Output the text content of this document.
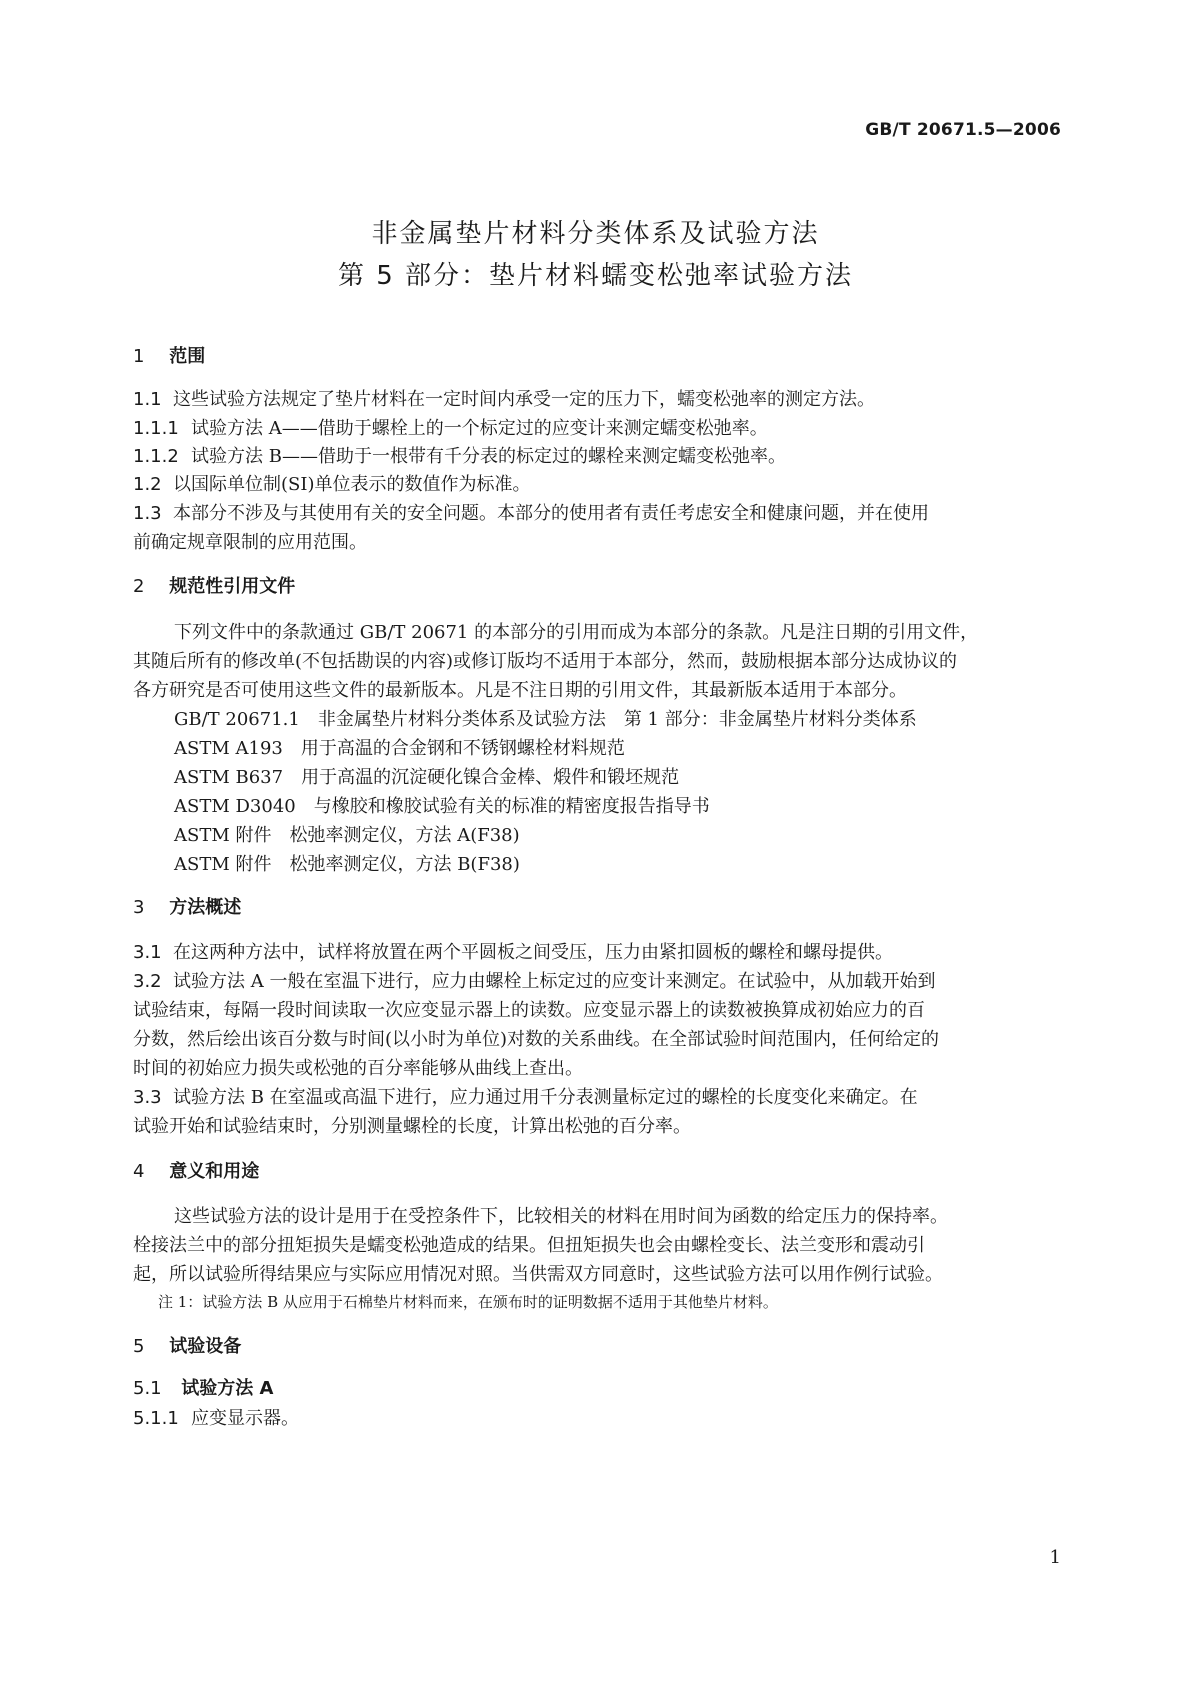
GB/T 20671.5—2006
非金属垫片材料分类体系及试验方法
第 5 部分：垫片材料蠕变松弛率试验方法
1 范围
1.1 这些试验方法规定了垫片材料在一定时间内承受一定的压力下，蠕变松弛率的测定方法。
1.1.1 试验方法 A——借助于螺栓上的一个标定过的应变计来测定蠕变松弛率。
1.1.2 试验方法 B——借助于一根带有千分表的标定过的螺栓来测定蠕变松弛率。
1.2 以国际单位制(SI)单位表示的数值作为标准。
1.3 本部分不涉及与其使用有关的安全问题。本部分的使用者有责任考虑安全和健康问题，并在使用
前确定规章限制的应用范围。
2 规范性引用文件
下列文件中的条款通过 GB/T 20671 的本部分的引用而成为本部分的条款。凡是注日期的引用文件，
其随后所有的修改单(不包括勘误的内容)或修订版均不适用于本部分，然而，鼓励根据本部分达成协议的
各方研究是否可使用这些文件的最新版本。凡是不注日期的引用文件，其最新版本适用于本部分。
GB/T 20671.1　非金属垫片材料分类体系及试验方法　第 1 部分：非金属垫片材料分类体系
ASTM A193　用于高温的合金钢和不锈钢螺栓材料规范
ASTM B637　用于高温的沉淀硬化镍合金棒、煅件和锻坯规范
ASTM D3040　与橡胶和橡胶试验有关的标准的精密度报告指导书
ASTM 附件　松弛率测定仪，方法 A(F38)
ASTM 附件　松弛率测定仪，方法 B(F38)
3 方法概述
3.1 在这两种方法中，试样将放置在两个平圆板之间受压，压力由紧扣圆板的螺栓和螺母提供。
3.2 试验方法 A 一般在室温下进行，应力由螺栓上标定过的应变计来测定。在试验中，从加载开始到
试验结束，每隔一段时间读取一次应变显示器上的读数。应变显示器上的读数被换算成初始应力的百
分数，然后绘出该百分数与时间(以小时为单位)对数的关系曲线。在全部试验时间范围内，任何给定的
时间的初始应力损失或松弛的百分率能够从曲线上查出。
3.3 试验方法 B 在室温或高温下进行，应力通过用千分表测量标定过的螺栓的长度变化来确定。在
试验开始和试验结束时，分别测量螺栓的长度，计算出松弛的百分率。
4 意义和用途
这些试验方法的设计是用于在受控条件下，比较相关的材料在用时间为函数的给定压力的保持率。
栓接法兰中的部分扭矩损失是蠕变松弛造成的结果。但扭矩损失也会由螺栓变长、法兰变形和震动引
起，所以试验所得结果应与实际应用情况对照。当供需双方同意时，这些试验方法可以用作例行试验。
注 1：试验方法 B 从应用于石棉垫片材料而来，在颁布时的证明数据不适用于其他垫片材料。
5 试验设备
5.1 试验方法 A
5.1.1 应变显示器。
1
